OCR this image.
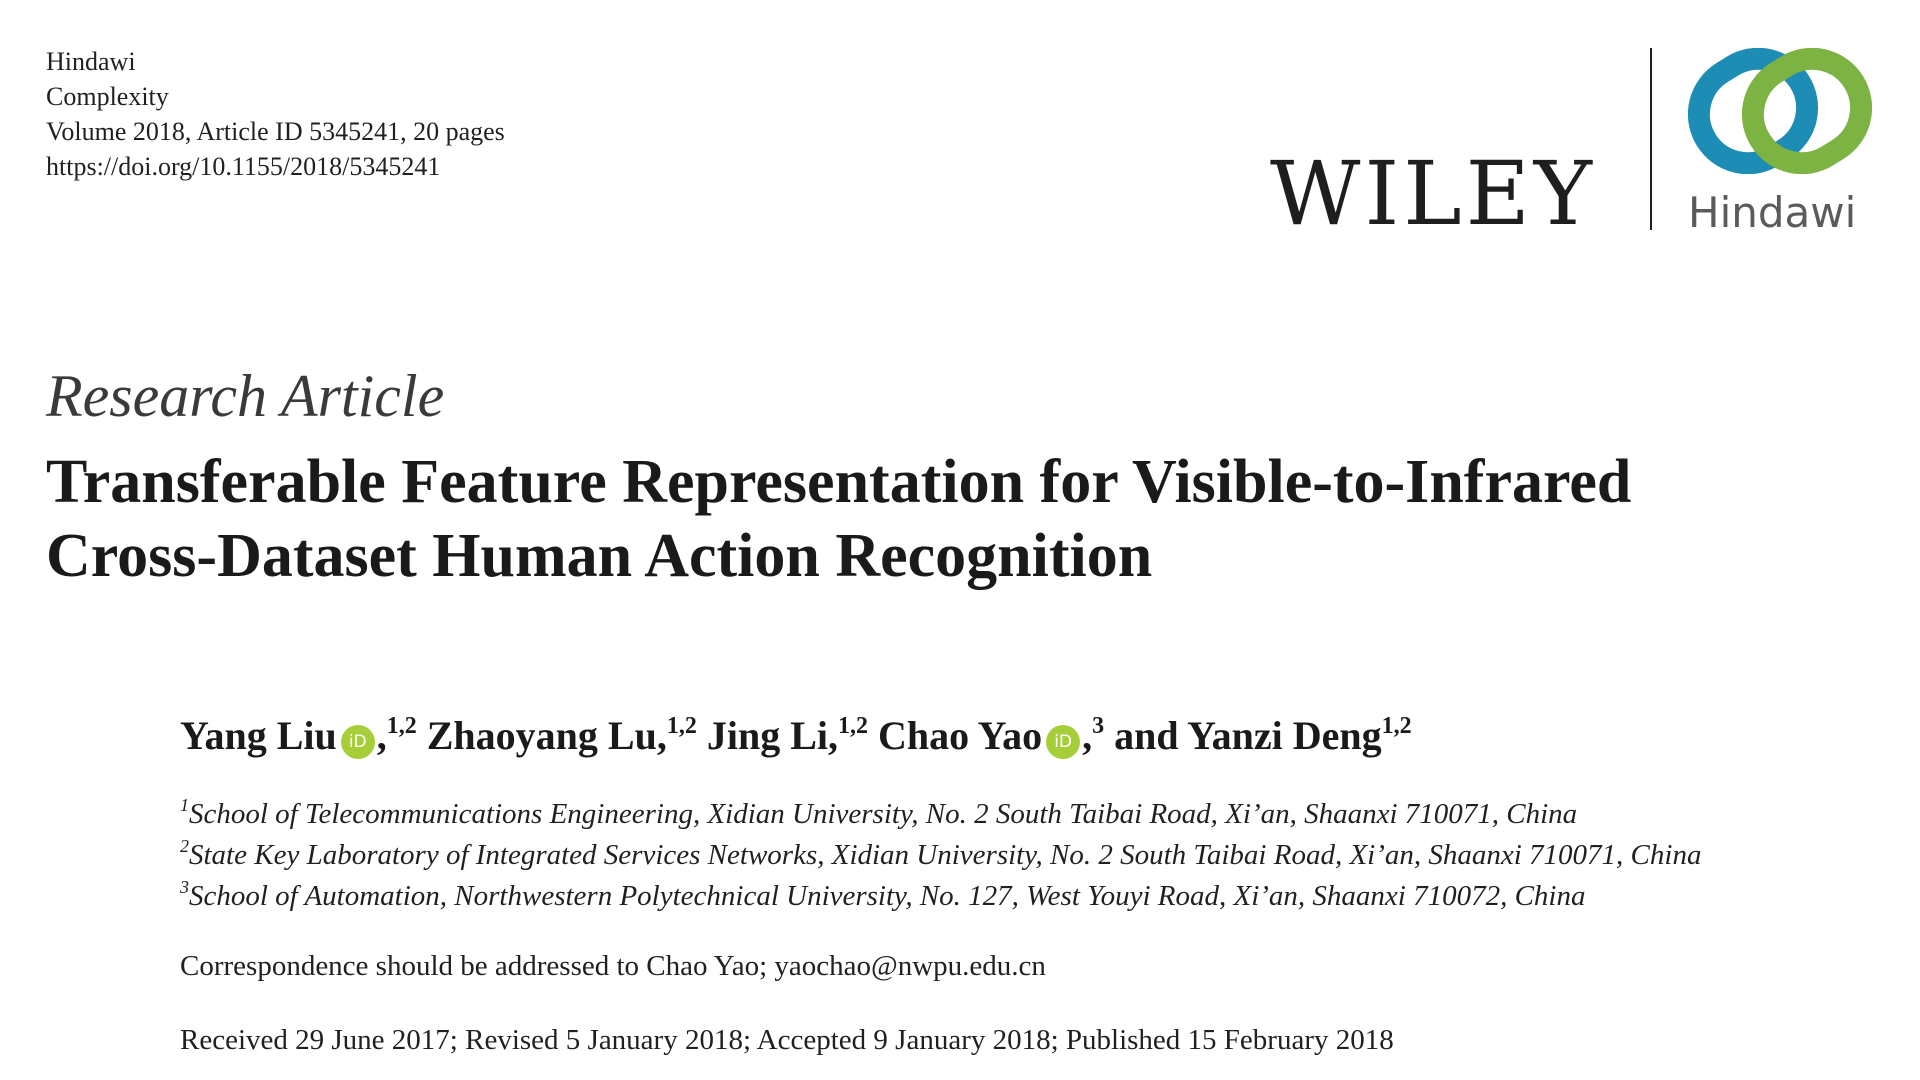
Hindawi
Complexity
Volume 2018, Article ID 5345241, 20 pages
https://doi.org/10.1155/2018/5345241	WILEY Hindawi
Research Article
Transferable Feature Representation for Visible-to-Infrared
Cross-Dataset Human Action Recognition
Yang Liu iD ,$^{1,2}$ Zhaoyang Lu,$^{1,2}$ Jing Li,$^{1,2}$ Chao Yao iD ,$^3$ and Yanzi Deng$^{1,2}$
$^1$School of Telecommunications Engineering, Xidian University, No. 2 South Taibai Road, Xi’an, Shaanxi 710071, China
$^2$State Key Laboratory of Integrated Services Networks, Xidian University, No. 2 South Taibai Road, Xi’an, Shaanxi 710071, China
$^3$School of Automation, Northwestern Polytechnical University, No. 127, West Youyi Road, Xi’an, Shaanxi 710072, China
Correspondence should be addressed to Chao Yao; yaochao@nwpu.edu.cn
Received 29 June 2017; Revised 5 January 2018; Accepted 9 January 2018; Published 15 February 2018
